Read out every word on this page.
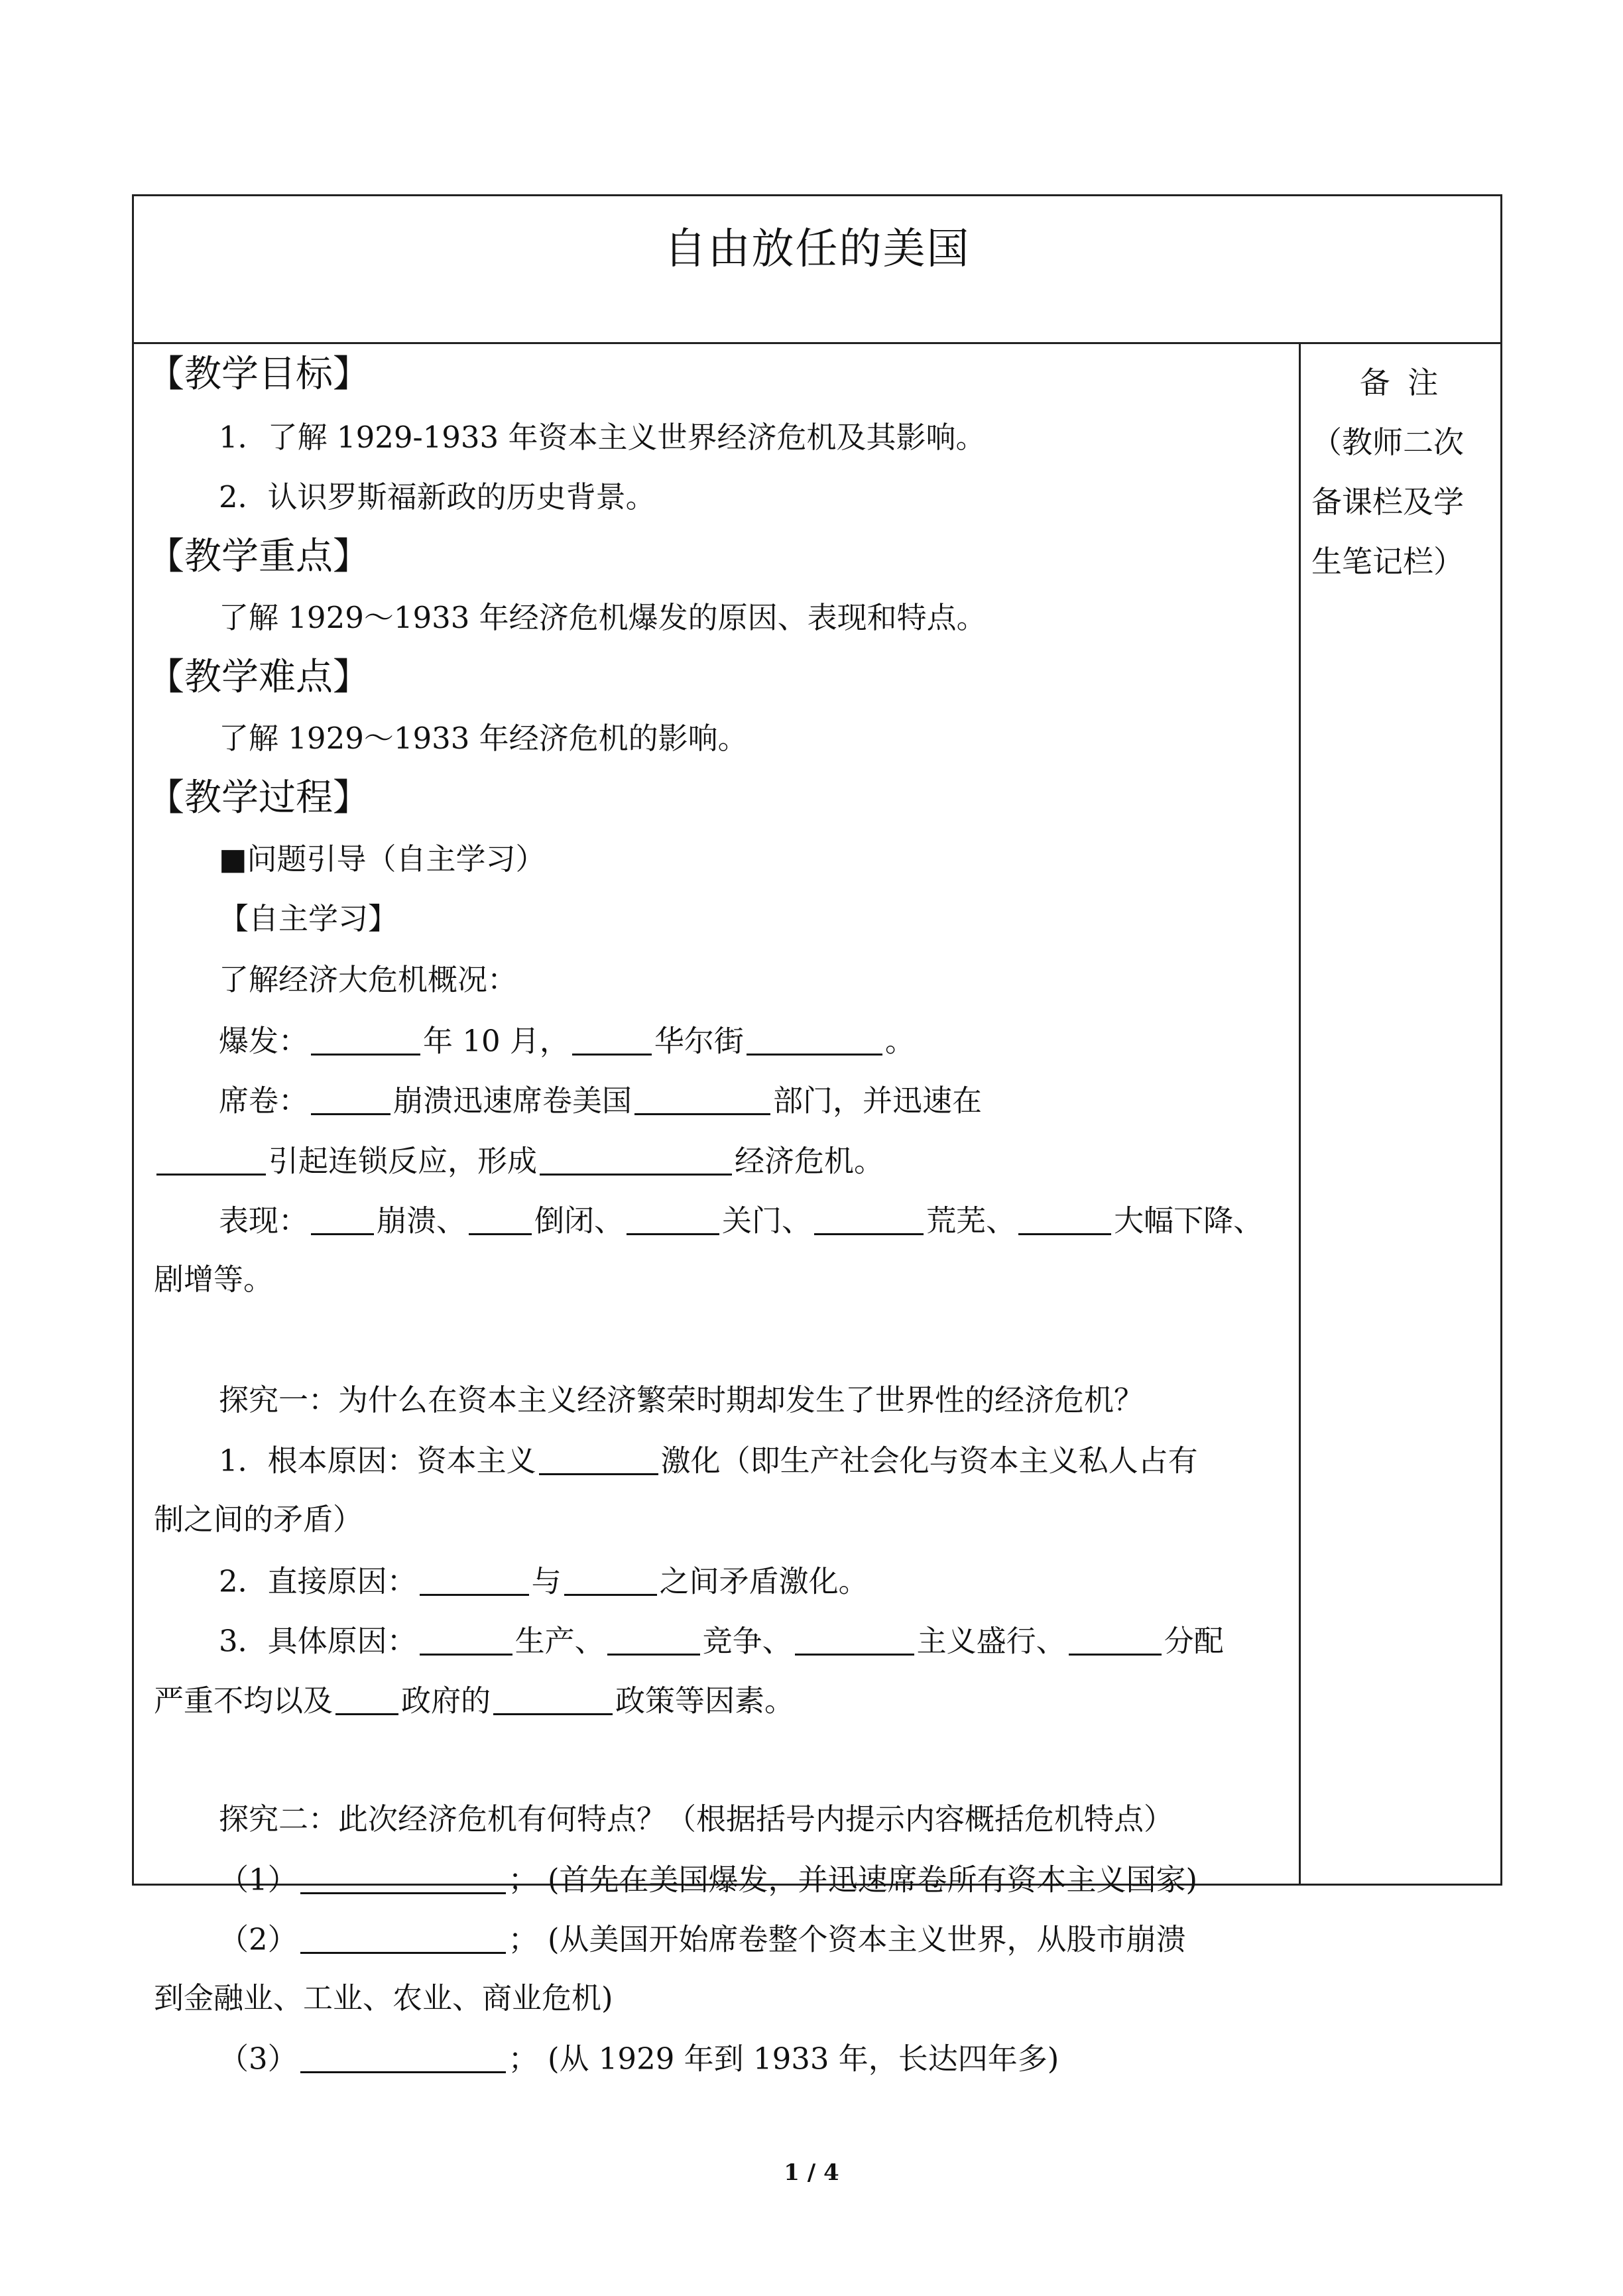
自由放任的美国
【教学目标】
1．了解 1929-1933 年资本主义世界经济危机及其影响。
2．认识罗斯福新政的历史背景。
【教学重点】
了解 1929～1933 年经济危机爆发的原因、表现和特点。
【教学难点】
了解 1929～1933 年经济危机的影响。
【教学过程】
■问题引导（自主学习）
【自主学习】
了解经济大危机概况：
爆发：	年 10 月，	华尔街	。
席卷：	崩溃迅速席卷美国	部门，并迅速在
引起连锁反应，形成	经济危机。
表现： 崩溃、 倒闭、	关门、	荒芜、	大幅下降、
剧增等。
探究一：为什么在资本主义经济繁荣时期却发生了世界性的经济危机？
1．根本原因：资本主义	激化（即生产社会化与资本主义私人占有
制之间的矛盾）
2．直接原因：	与	之间矛盾激化。
3．具体原因：	生产、	竞争、	主义盛行、	分配
严重不均以及 政府的	政策等因素。
探究二：此次经济危机有何特点？（根据括号内提示内容概括危机特点）
（1）	； (首先在美国爆发，并迅速席卷所有资本主义国家)
（2）	； (从美国开始席卷整个资本主义世界，从股市崩溃
到金融业、工业、农业、商业危机)
（3）	； (从 1929 年到 1933 年，长达四年多)
备 注
（教师二次
备课栏及学
生笔记栏）
1 / 4
